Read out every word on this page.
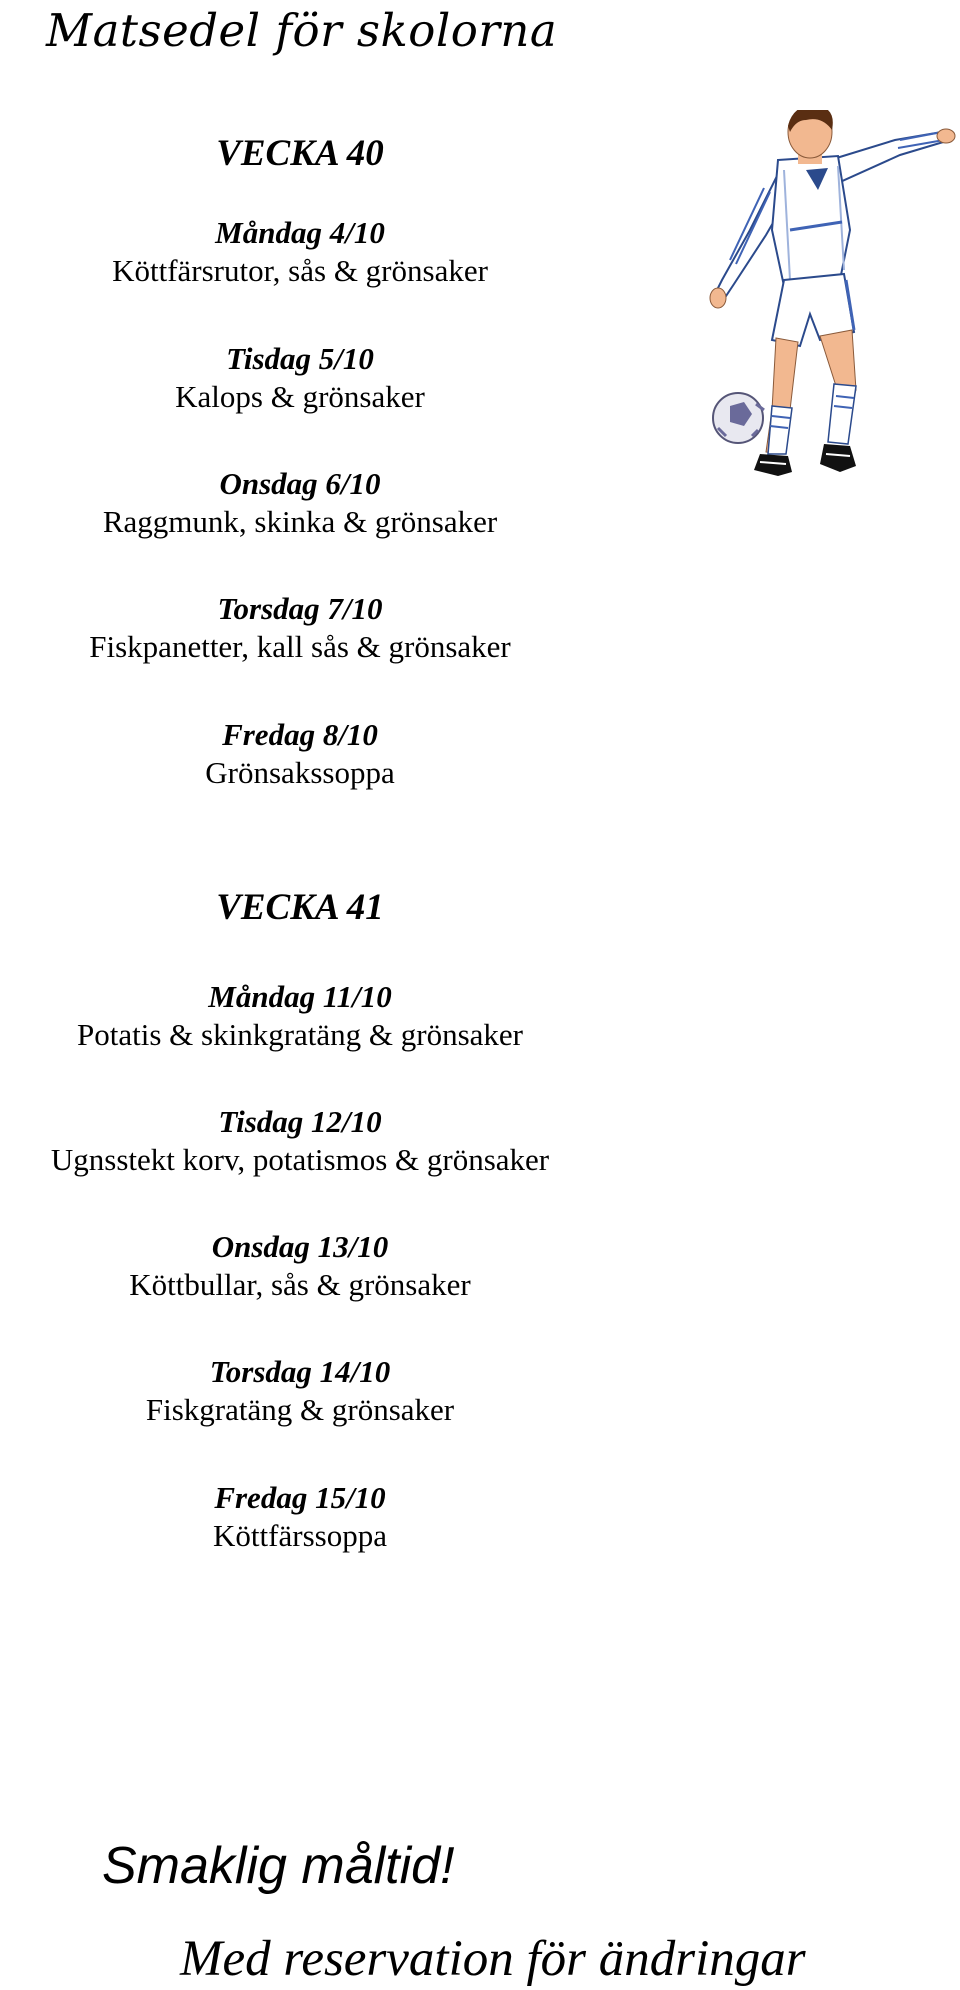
Matsedel för skolorna
VECKA 40
Måndag 4/10
Köttfärsrutor, sås & grönsaker
Tisdag 5/10
Kalops & grönsaker
Onsdag 6/10
Raggmunk, skinka & grönsaker
Torsdag 7/10
Fiskpanetter, kall sås & grönsaker
Fredag 8/10
Grönsakssoppa
VECKA 41
Måndag 11/10
Potatis & skinkgratäng & grönsaker
Tisdag 12/10
Ugnsstekt korv, potatismos & grönsaker
Onsdag 13/10
Köttbullar, sås & grönsaker
Torsdag 14/10
Fiskgratäng & grönsaker
Fredag 15/10
Köttfärssoppa

Smaklig måltid!

Med reservation för ändringar
